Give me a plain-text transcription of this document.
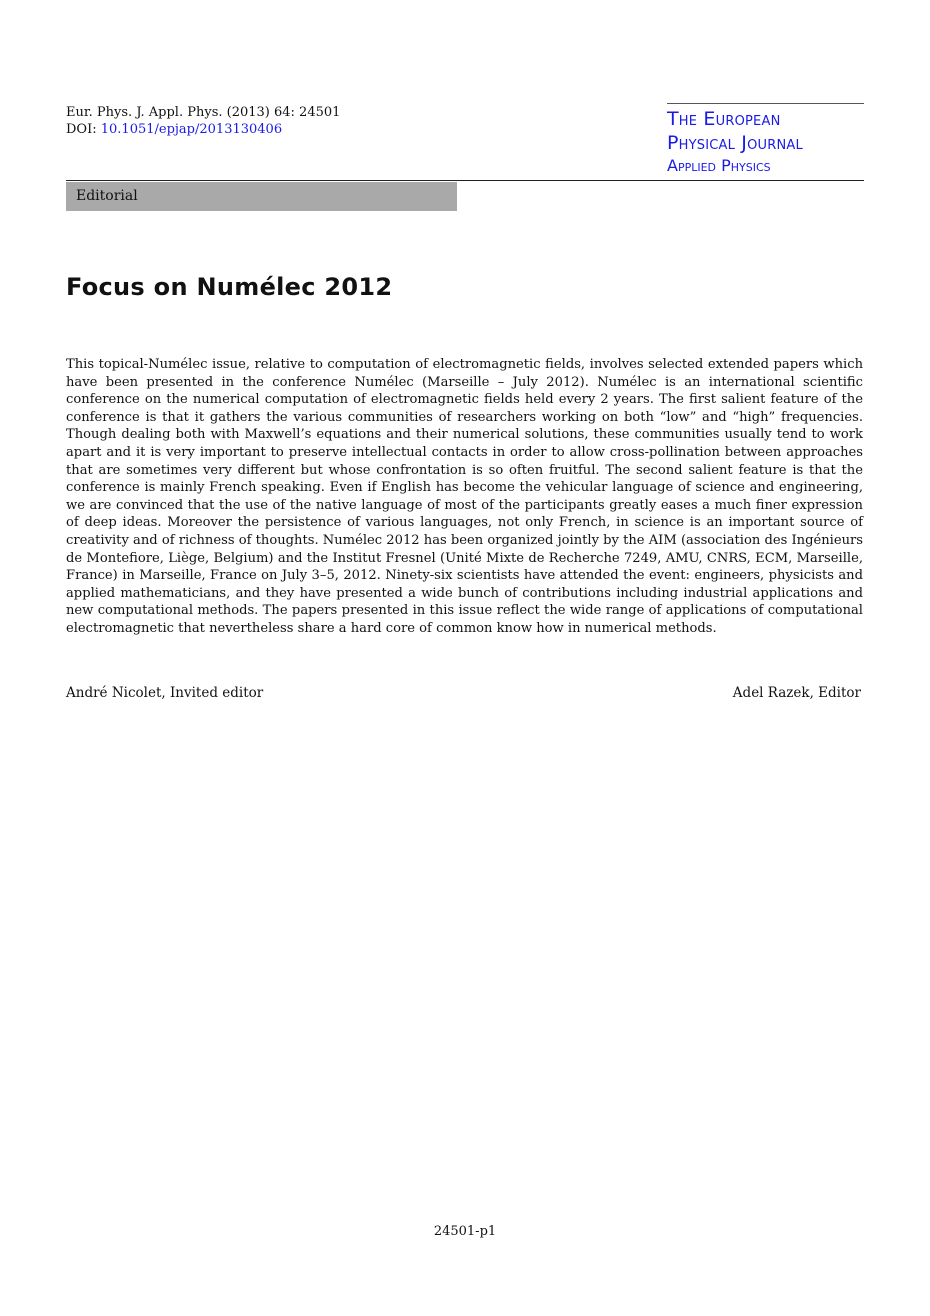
Eur. Phys. J. Appl. Phys. (2013) 64: 24501
DOI: 10.1051/epjap/2013130406	The European
Physical Journal
Applied Physics
Editorial
Focus on Numélec 2012

This topical-Numélec issue, relative to computation of electromagnetic fields, involves selected extended papers which have been presented in the conference Numélec (Marseille – July 2012). Numélec is an international scientific conference on the numerical computation of electromagnetic fields held every 2 years. The first salient feature of the conference is that it gathers the various communities of researchers working on both “low” and “high” frequencies. Though dealing both with Maxwell’s equations and their numerical solutions, these communities usually tend to work apart and it is very important to preserve intellectual contacts in order to allow cross-pollination between approaches that are sometimes very different but whose confrontation is so often fruitful. The second salient feature is that the conference is mainly French speaking. Even if English has become the vehicular language of science and engineering, we are convinced that the use of the native language of most of the participants greatly eases a much finer expression of deep ideas. Moreover the persistence of various languages, not only French, in science is an important source of creativity and of richness of thoughts. Numélec 2012 has been organized jointly by the AIM (association des Ingénieurs de Montefiore, Liège, Belgium) and the Institut Fresnel (Unité Mixte de Recherche 7249, AMU, CNRS, ECM, Marseille, France) in Marseille, France on July 3–5, 2012. Ninety-six scientists have attended the event: engineers, physicists and applied mathematicians, and they have presented a wide bunch of contributions including industrial applications and new computational methods. The papers presented in this issue reflect the wide range of applications of computational electromagnetic that nevertheless share a hard core of common know how in numerical methods.

André Nicolet, Invited editor	Adel Razek, Editor
24501-p1
